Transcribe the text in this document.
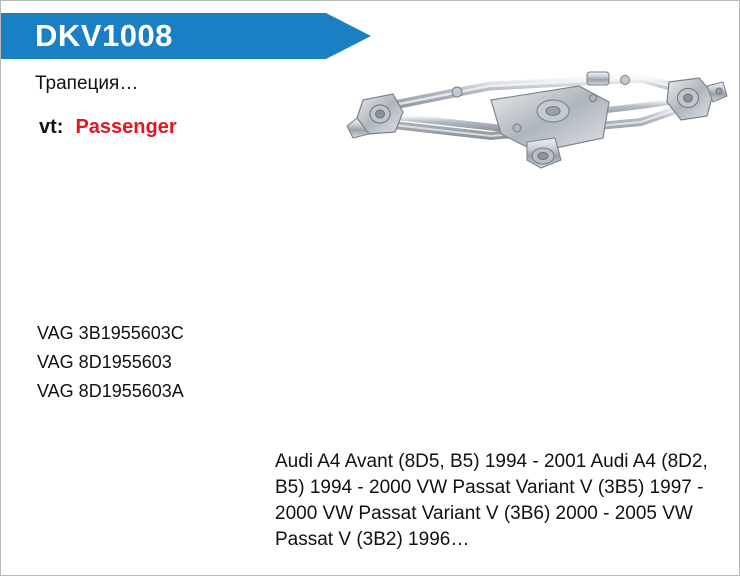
DKV1008
Трапеция…
vt: Passenger
VAG 3B1955603C
VAG 8D1955603
VAG 8D1955603A
Audi A4 Avant (8D5, B5) 1994 - 2001 Audi A4 (8D2, B5) 1994 - 2000 VW Passat Variant V (3B5) 1997 - 2000 VW Passat Variant V (3B6) 2000 - 2005 VW Passat V (3B2) 1996…
